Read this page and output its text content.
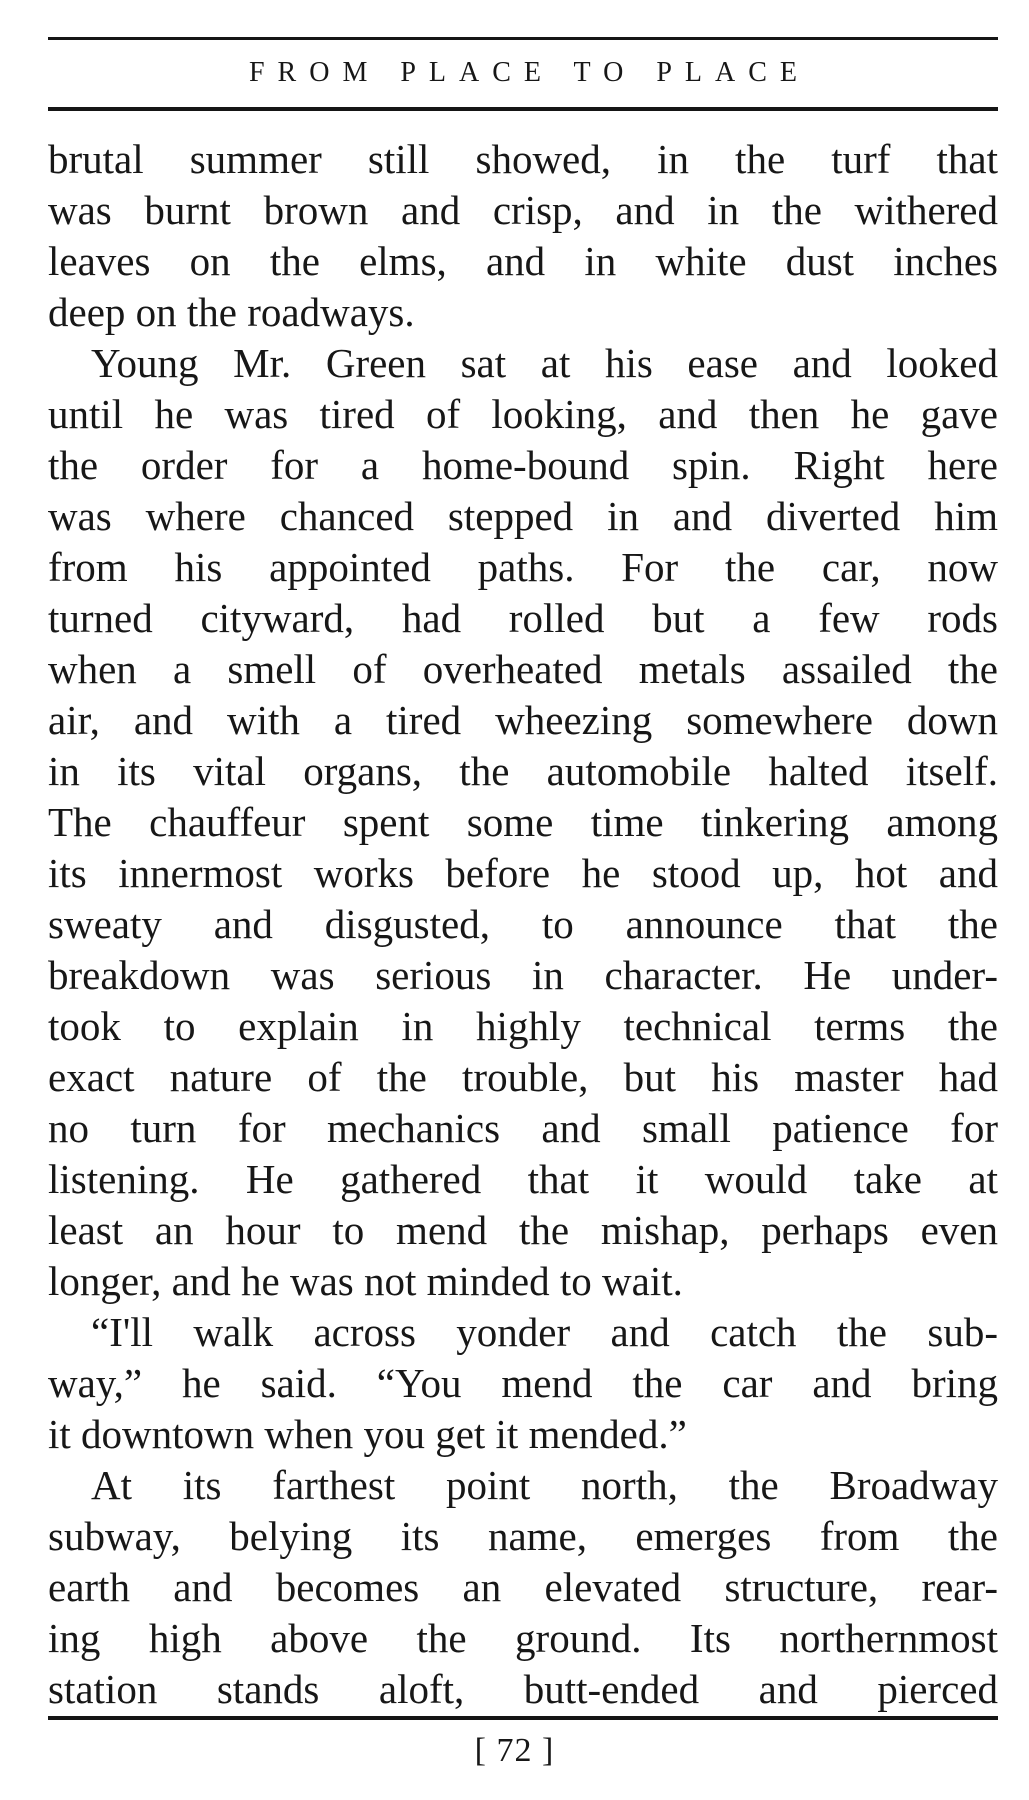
FROM PLACE TO PLACE
brutal summer still showed, in the turf that
was burnt brown and crisp, and in the withered
leaves on the elms, and in white dust inches
deep on the roadways.
Young Mr. Green sat at his ease and looked
until he was tired of looking, and then he gave
the order for a home-bound spin. Right here
was where chanced stepped in and diverted him
from his appointed paths. For the car, now
turned cityward, had rolled but a few rods
when a smell of overheated metals assailed the
air, and with a tired wheezing somewhere down
in its vital organs, the automobile halted itself.
The chauffeur spent some time tinkering among
its innermost works before he stood up, hot and
sweaty and disgusted, to announce that the
breakdown was serious in character. He under-
took to explain in highly technical terms the
exact nature of the trouble, but his master had
no turn for mechanics and small patience for
listening. He gathered that it would take at
least an hour to mend the mishap, perhaps even
longer, and he was not minded to wait.
“I'll walk across yonder and catch the sub-
way,” he said. “You mend the car and bring
it downtown when you get it mended.”
At its farthest point north, the Broadway
subway, belying its name, emerges from the
earth and becomes an elevated structure, rear-
ing high above the ground. Its northernmost
station stands aloft, butt-ended and pierced
[ 72 ]
